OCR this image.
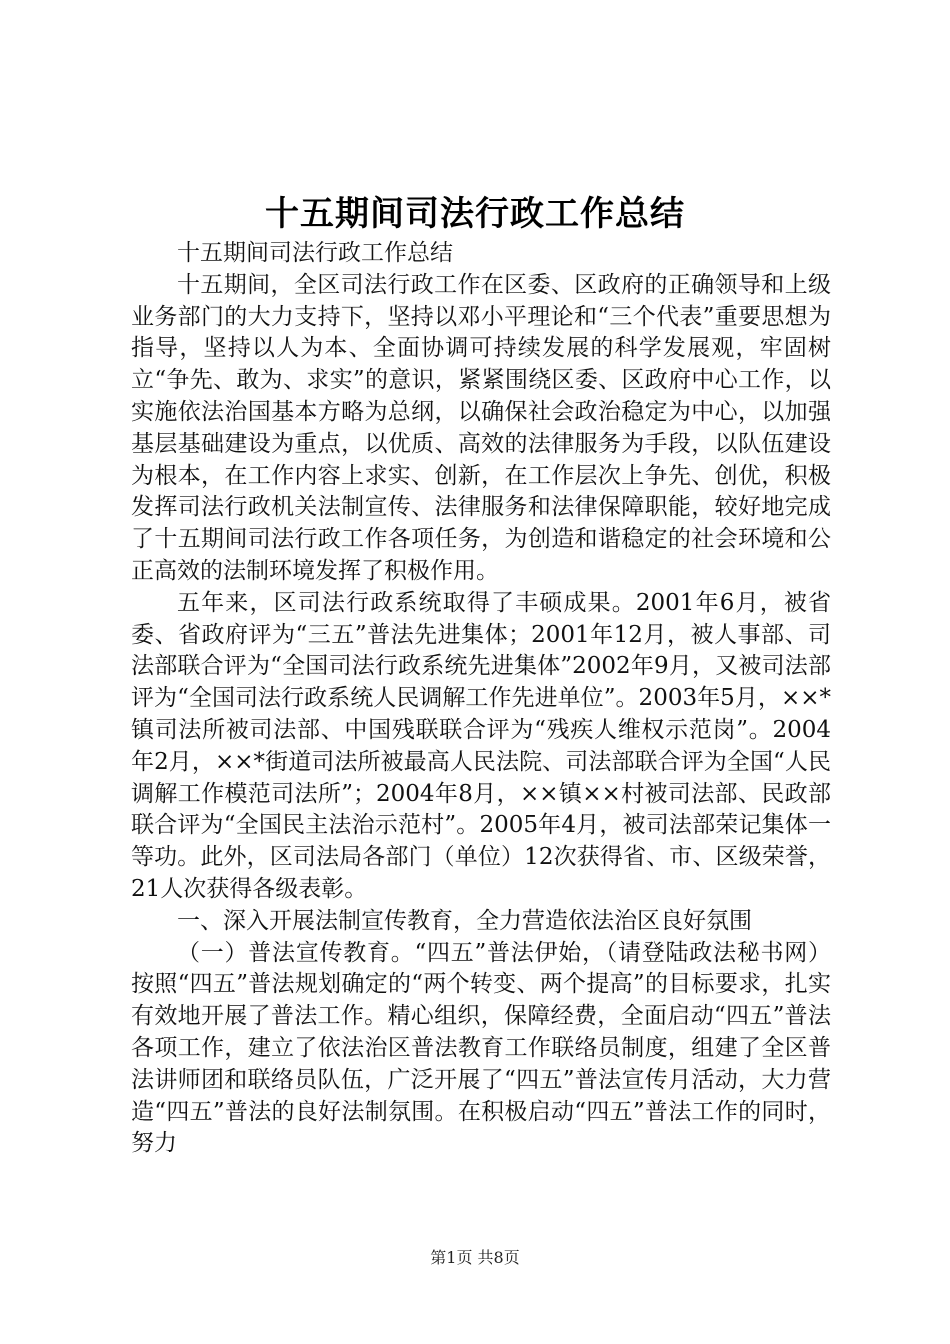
十五期间司法行政工作总结

十五期间司法行政工作总结

十五期间，全区司法行政工作在区委、区政府的正确领导和上级业务部门的大力支持下，坚持以邓小平理论和“三个代表”重要思想为指导，坚持以人为本、全面协调可持续发展的科学发展观，牢固树立“争先、敢为、求实”的意识，紧紧围绕区委、区政府中心工作，以实施依法治国基本方略为总纲，以确保社会政治稳定为中心，以加强基层基础建设为重点，以优质、高效的法律服务为手段，以队伍建设为根本，在工作内容上求实、创新，在工作层次上争先、创优，积极发挥司法行政机关法制宣传、法律服务和法律保障职能，较好地完成了十五期间司法行政工作各项任务，为创造和谐稳定的社会环境和公正高效的法制环境发挥了积极作用。

五年来，区司法行政系统取得了丰硕成果。2001年6月，被省委、省政府评为“三五”普法先进集体；2001年12月，被人事部、司法部联合评为“全国司法行政系统先进集体”2002年9月，又被司法部评为“全国司法行政系统人民调解工作先进单位”。2003年5月，××*镇司法所被司法部、中国残联联合评为“残疾人维权示范岗”。2004年2月，××*街道司法所被最高人民法院、司法部联合评为全国“人民调解工作模范司法所”；2004年8月，××镇××村被司法部、民政部联合评为“全国民主法治示范村”。2005年4月，被司法部荣记集体一等功。此外，区司法局各部门（单位）12次获得省、市、区级荣誉，21人次获得各级表彰。

一、深入开展法制宣传教育，全力营造依法治区良好氛围

（一）普法宣传教育。“四五”普法伊始，（请登陆政法秘书网）按照“四五”普法规划确定的“两个转变、两个提高”的目标要求，扎实有效地开展了普法工作。精心组织，保障经费，全面启动“四五”普法各项工作，建立了依法治区普法教育工作联络员制度，组建了全区普法讲师团和联络员队伍，广泛开展了“四五”普法宣传月活动，大力营造“四五”普法的良好法制氛围。在积极启动“四五”普法工作的同时，努力

第1页 共8页
